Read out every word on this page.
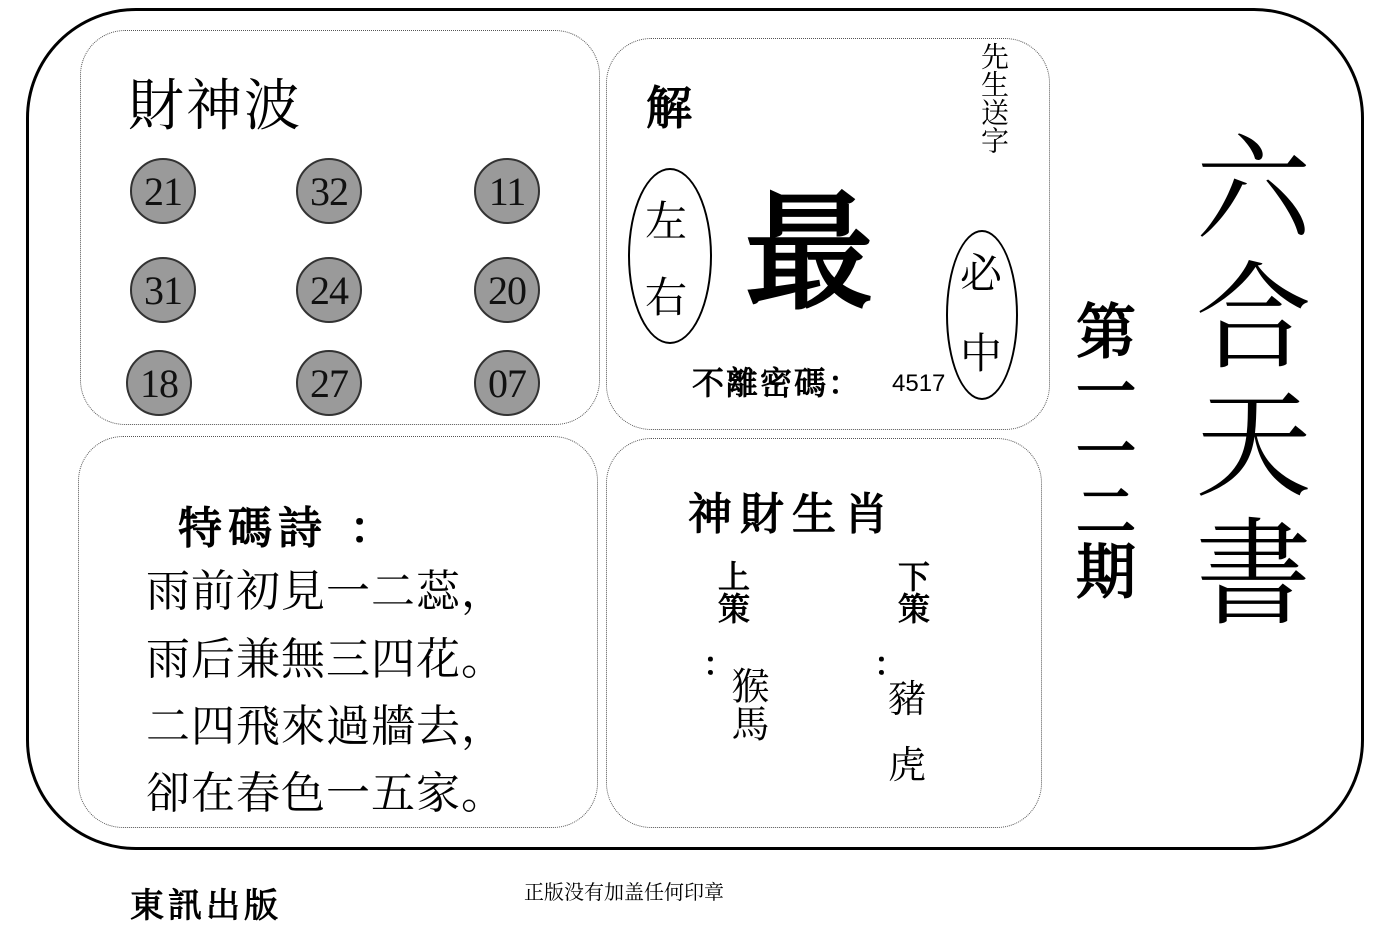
六合天書
第一一二期
財神波
21	32	11
31	24	20
18	27	07
解
最
左
右
先生送字
必
中
不離密碼： 4517
特碼詩 ：
雨前初見一二蕊，
雨后兼無三四花。
二四飛來過牆去，
卻在春色一五家。
神財生肖
上策
：
猴馬
下策
：
豬
虎
東訊出版	正版没有加盖任何印章
